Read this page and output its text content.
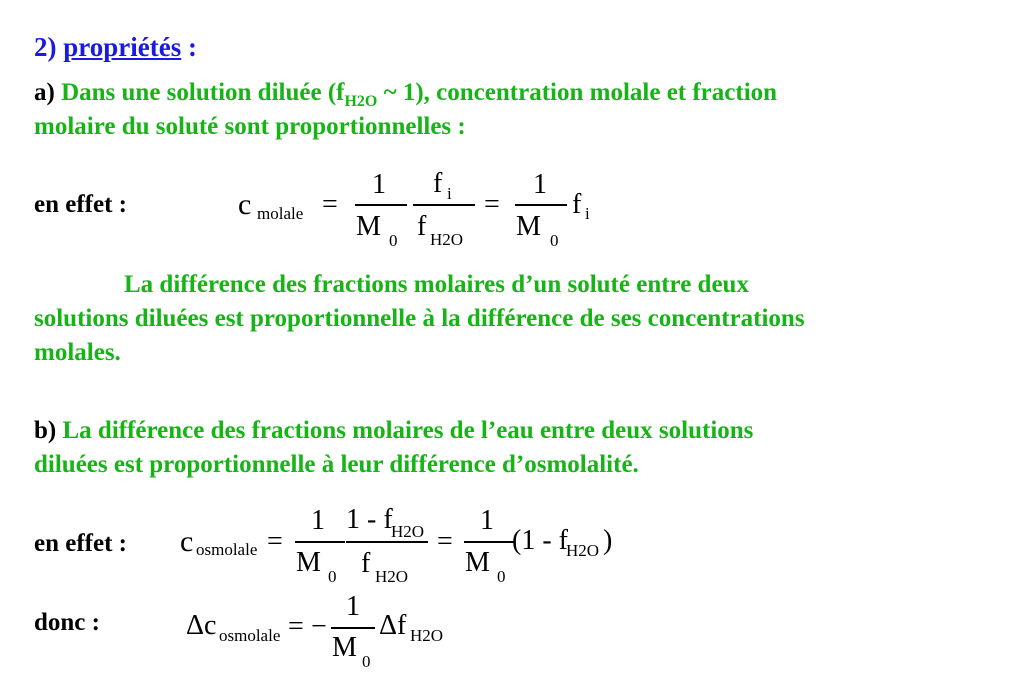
2) propriétés :
a) Dans une solution diluée ($f_{H2O}$ ~ 1), concentration molale et fraction
molaire du soluté sont proportionnelles :
en effet :	c molale =
1
M 0
f i
f H2O
=
1
M 0
f i
La différence des fractions molaires d’un soluté entre deux
solutions diluées est proportionnelle à la différence de ses concentrations
molales.
b) La différence des fractions molaires de l’eau entre deux solutions
diluées est proportionnelle à leur différence d’osmolalité.
en effet : c osmolale =
1
M 0
1 - f
H2O
f H2O
=
1
M 0
(1 - f
H2O )
donc :	Δc osmolale = −
1
M 0
Δf H2O
